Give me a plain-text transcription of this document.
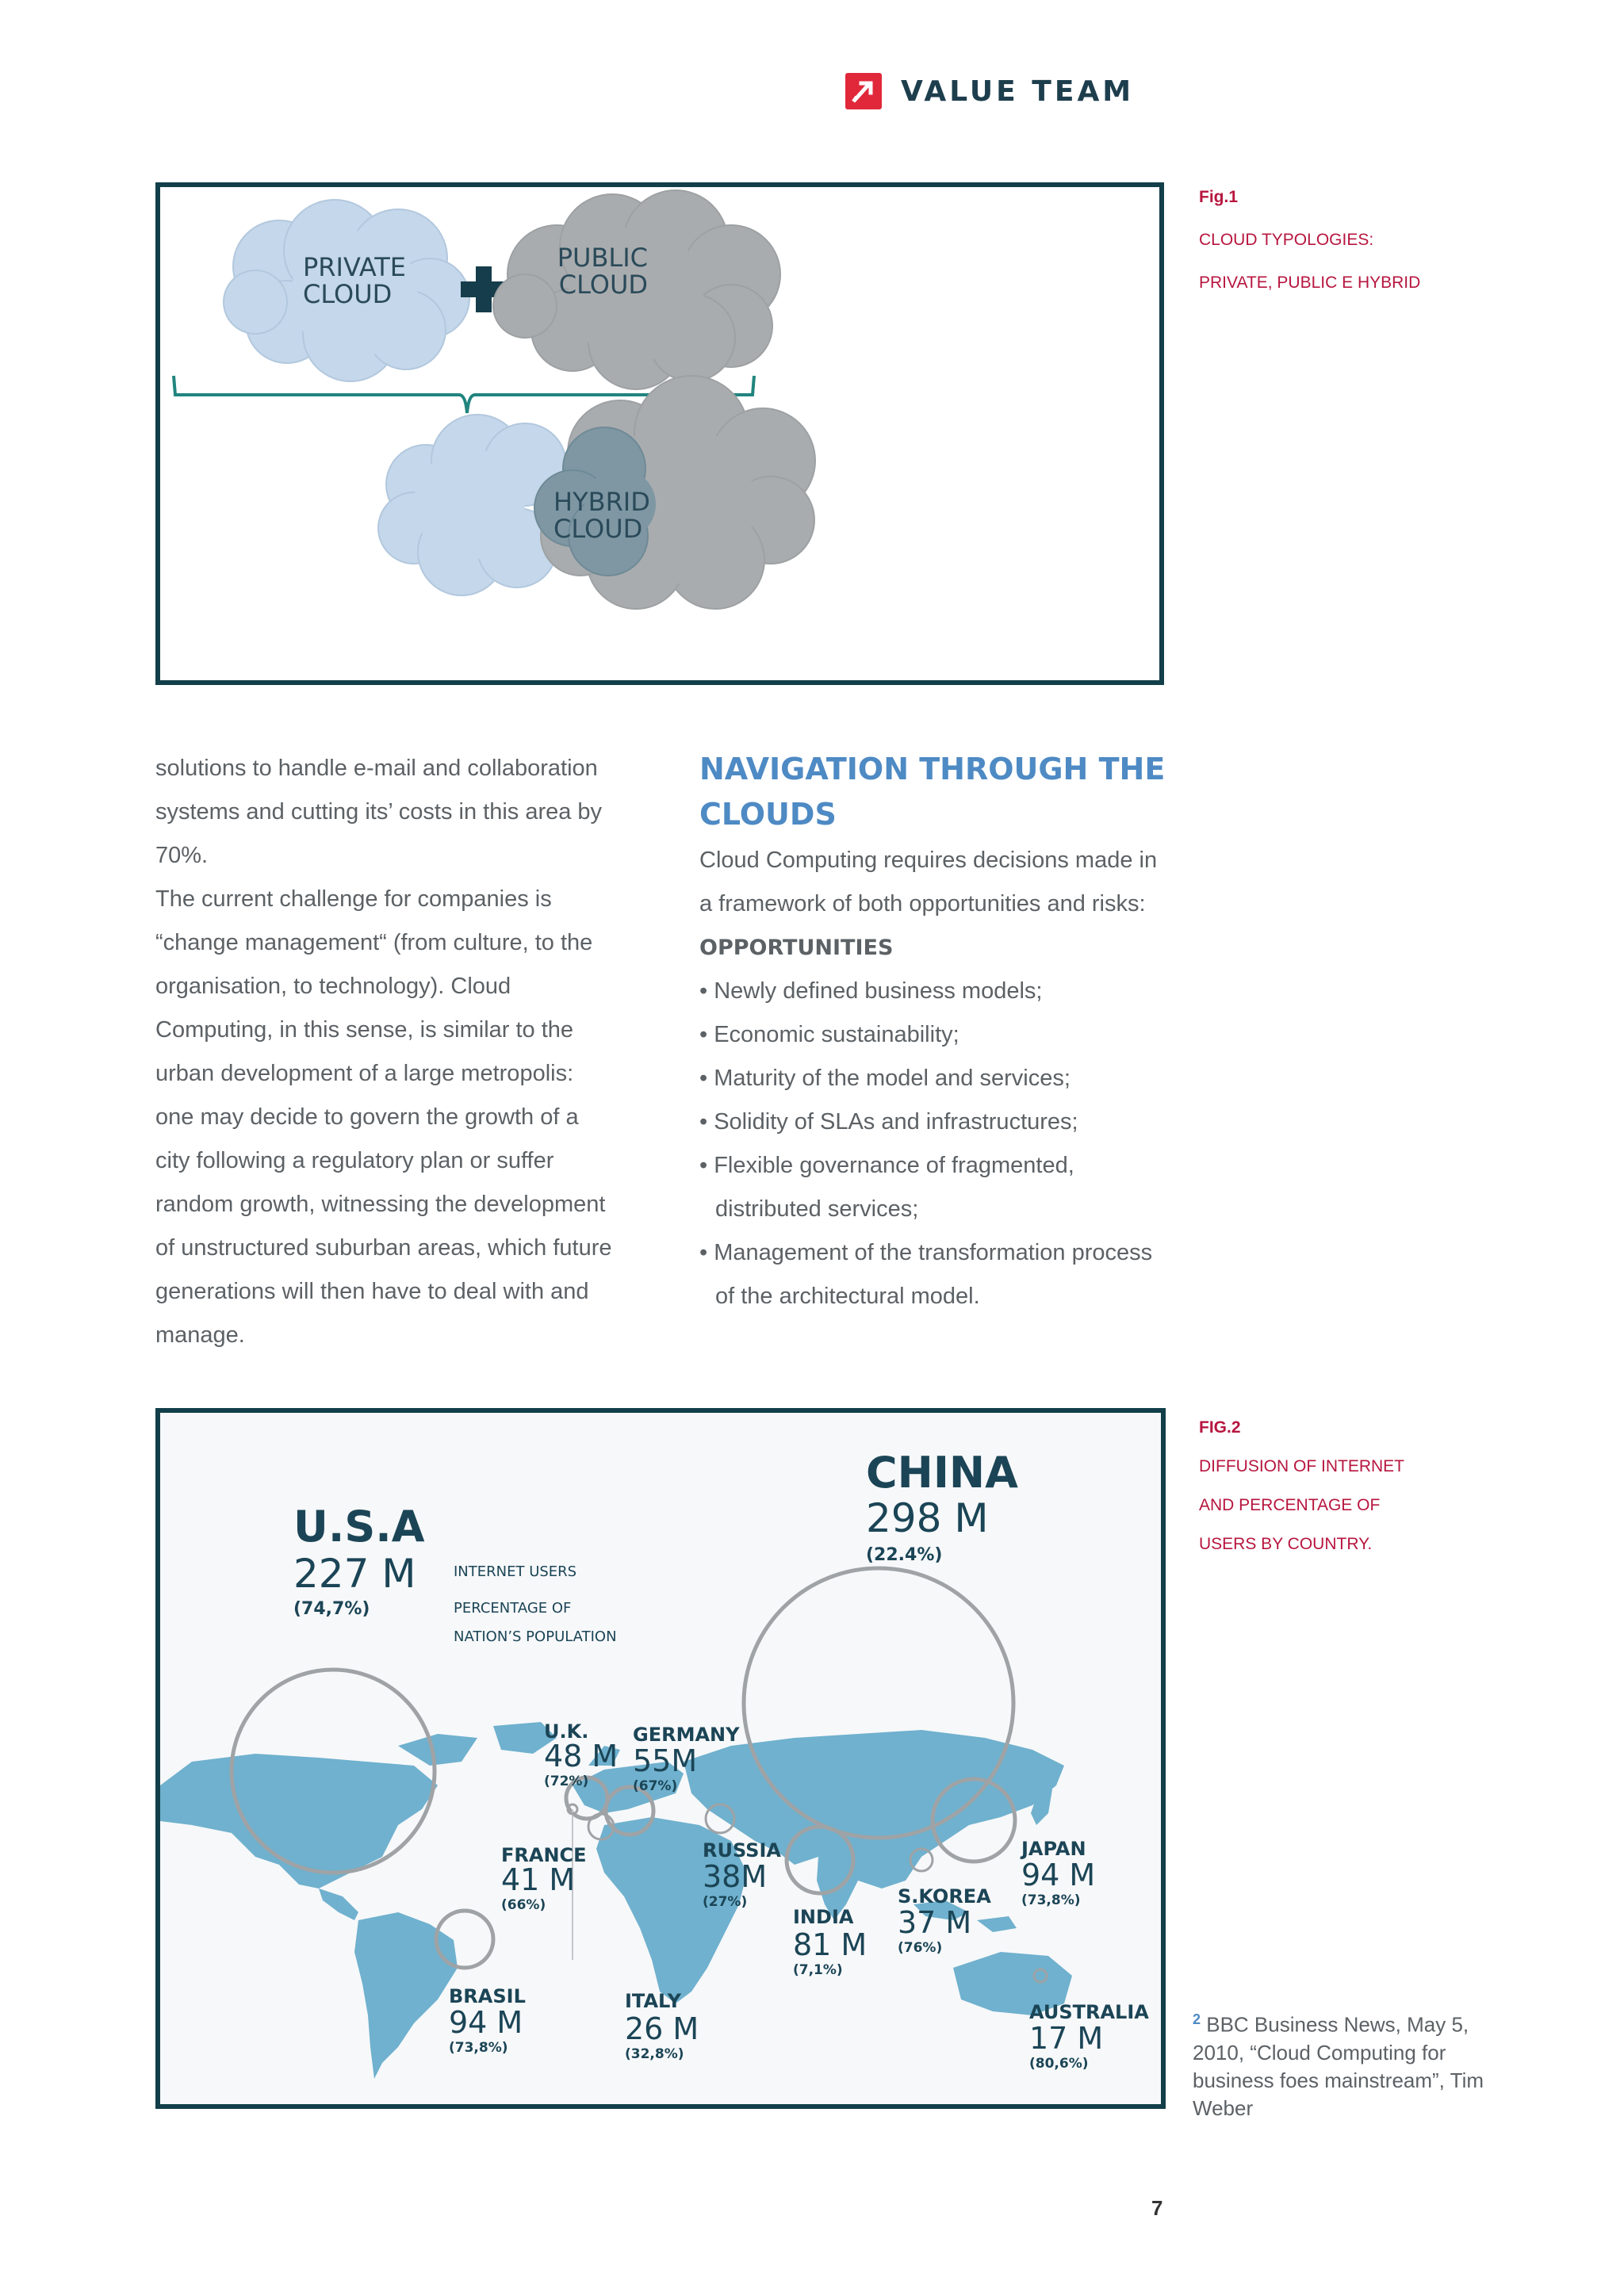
VALUE TEAM
PRIVATE
CLOUD
PUBLIC
CLOUD
HYBRID
CLOUD
Fig.1
CLOUD TYPOLOGIES:
PRIVATE, PUBLIC E HYBRID
solutions to handle e-mail and collaboration
systems and cutting its’ costs in this area by
70%.
The current challenge for companies is
“change management“ (from culture, to the
organisation, to technology). Cloud
Computing, in this sense, is similar to the
urban development of a large metropolis:
one may decide to govern the growth of a
city following a regulatory plan or suffer
random growth, witnessing the development
of unstructured suburban areas, which future
generations will then have to deal with and
manage.
NAVIGATION THROUGH THE
CLOUDS
Cloud Computing requires decisions made in
a framework of both opportunities and risks:
OPPORTUNITIES
• Newly defined business models;
• Economic sustainability;
• Maturity of the model and services;
• Solidity of SLAs and infrastructures;
• Flexible governance of fragmented, distributed services;
• Management of the transformation process of the architectural model.
INTERNET USERS
PERCENTAGE OF
NATION’S POPULATION
U.S.A
227 M
(74,7%)
CHINA
298 M
(22.4%)
U.K.
48 M
(72%)
GERMANY
55M
(67%)
FRANCE
41 M
(66%)
RUSSIA
38M
(27%)
JAPAN
94 M
(73,8%)
INDIA
81 M
(7,1%)
S.KOREA
37 M
(76%)
BRASIL
94 M
(73,8%)
ITALY
26 M
(32,8%)
AUSTRALIA
17 M
(80,6%)
FIG.2
DIFFUSION OF INTERNET
AND PERCENTAGE OF
USERS BY COUNTRY.
$^2$ BBC Business News, May 5, 2010, “Cloud Computing for business foes mainstream”, Tim Weber
7
